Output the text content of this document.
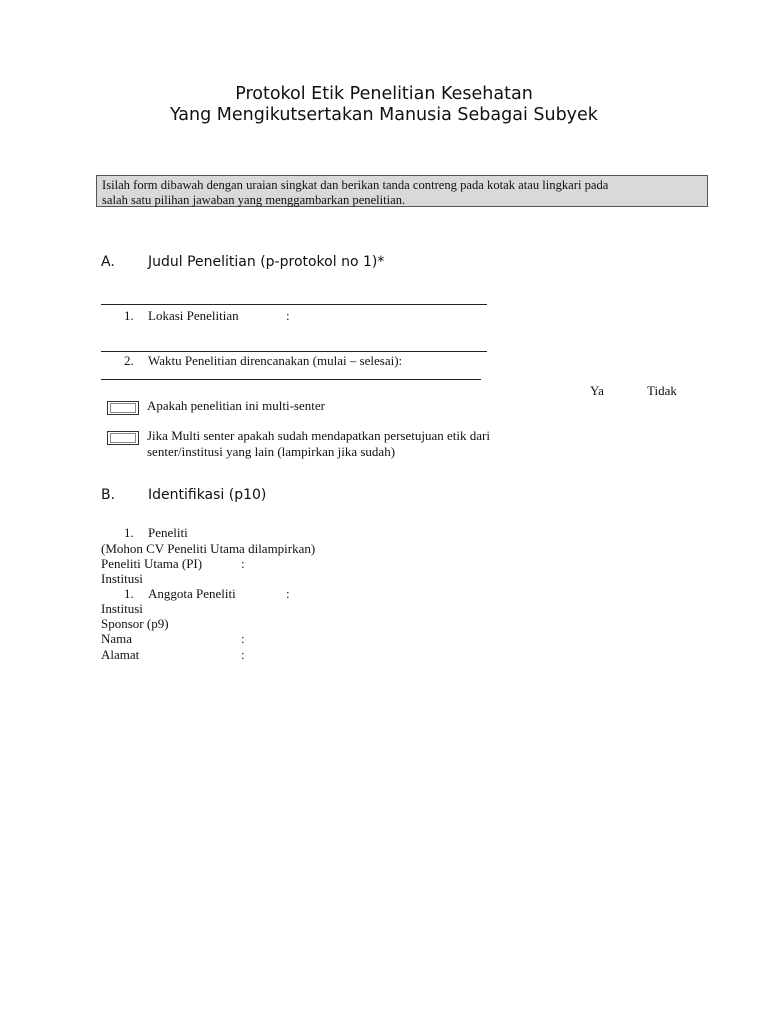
Protokol Etik Penelitian Kesehatan
Yang Mengikutsertakan Manusia Sebagai Subyek
Isilah form dibawah dengan uraian singkat dan berikan tanda contreng pada kotak atau lingkari pada
salah satu pilihan jawaban yang menggambarkan penelitian.
A. Judul Penelitian (p-protokol no 1)*
1. Lokasi Penelitian	:
2. Waktu Penelitian direncanakan (mulai – selesai):
Ya	Tidak
Apakah penelitian ini multi-senter
Jika Multi senter apakah sudah mendapatkan persetujuan etik dari
senter/institusi yang lain (lampirkan jika sudah)
B. Identifikasi (p10)
1. Peneliti
(Mohon CV Peneliti Utama dilampirkan)
Peneliti Utama (PI)	:
Institusi
1. Anggota Peneliti	:
Institusi
Sponsor (p9)
Nama	:
Alamat	:
